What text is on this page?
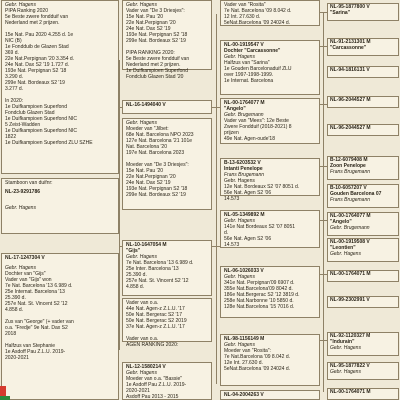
Gebr. Hagens
PIPA Ranking 2020
5e Beste zwere fondduif van
Nederland met 2 prijzen.

15e Nat. Pau 2020 4.255 d. 1e
NIC (B)
1e Fondduib de Glazen Stad
369 d.
22e Nat.Perpignan '20 3.354 d.
24e Nat. Dax S2 '19 1.727 d.
193e Nat. Perpignan S2 '18
3.290 d.
299e Nat. Bordeaux S2 '19
3.277 d.

In 2020:
1e Duifkampioen Superfond
Fondclub Glazen Stad
1e Duifkampioen Superfond NIC
5 Zeist-Wadden
1e Duifkampioen Superfond NIC
1822
1e Duifkampioen Superfond ZLU SZHE
Stamboon van duifnr:
NL-23-9291786
Gebr. Hagens
NL-17-1247304 V
Gebr. Hagens
Dochter van "Gijs"
Vader van "Gijs" won
7e Nat. Barcelona '13 6.989 d.
25e Internat. Barcelona '13
25.390 d.
257e Nat. St. Vincent S2 '12
4.858 d.

Zus van "George" (+ vader van
o.a. "Fredje" 9e Nat. Dax S2
2018

Halfzus van Stephanie
1e Asdoff Pau Z.L.U. 2019-
2020-2021
Gebr. Hagens
Vader van "De 3 Driesjes":
15e Nat. Pau '20
22e Nat.Perpignan '20
24e Nat. Dax S2 '19
193e Nat. Perpignan S2 '18
299e Nat. Bordeaux S2 '19

PIPA RANKING 2020:
5e Beste zwere fondduif van
Nederland met 2 prijzen.
1e Duifkampioen Superfond
Fondclub Glazen Stad '20
NL-16-1494040 V
Gebr. Hagens
Moeder van "Jilbet:
68e Nat. Barcelona NPO 2023
127e Nat. Barcelona '21 101e
Nat. Barcelona '20
197e Nat. Barcelona 2023

Moeder van "De 3 Driesjes":
15e Nat. Pau '20
22e Nat.Perpignan '20
24e Nat. Dax S2 '19
193e Nat. Perpignan S2 '18
299e Nat. Bordeaux S2 '19
NL-10-1647054 M
"Gijs"
Gebr. Hagens
7e Nat. Barcelona '13 6.989 d.
25e Inter. Barcelona '13
25.390 d.
257e Nat. St. Vincent S2 '12
4.858 d.
Vader van o.a.
44e Nat. Agen-z Z.L.U. '17
50e Nat. Bergerac S2 '17
50e Nat. Bergerac S2 2019
37e Nat. Agen-z Z.L.U. '17

Vader van o.a.
AGEN RANKING 2020:
NL-12-1580214 V
Gebr. Hagens
Moeder van o.a. "Bassie"
1e Asdoff Pau Z.L.U. 2019-
2020-2021
Asdoff Pau 2013 - 2015
Vader van "Rosita"
7e Nat. Barcelona '09 8.042 d.
12 Int. 27.630 d.
5eNat.Barcelona '09 24024 d.
NL-00-1919547 V
Dochter "Carcassonne"
Gebr. Hagens
Halfzus van "Sarina"
1e Gouden Barcelonaduif ZLU
over 1997-1998-1999.
1e Internat. Barcelona
NL-00-1764077 M
"Angelo"
Gebr. Brugemann
Vader van "Mees": 12e Beste
Zwere Fondduif (2018-2021) 8
prijzen
49e Nat. Agen-oude'18
B-13-6203532 V
Intanti Penelope
Frans Brugemann
Gebr. Hagens
12e Nat. Bordeaux S2 '07 8051 d.
56e Nat. Agen S2 '06
14.573
NL-05-1349892 M
Gebr. Hagens
141e Nat Bordeaux S2 '07 8051
d.
56e Nat. Agen S2 '06
14.573
NL-06-1026033 V
Gebr. Hagens
341e Nat. Perpignan'09 6907 d.
355e Nat.Barcelona'09 8042 d.
186e Nat.Bergerac S2 '12 3819 d.
258e Nat.Narbonne '10 5850 d.
128e Nat.Barcelona '15 7016 d.
NL-98-1156149 M
Gebr. Hagens
Moeder van "Rosita":
7e Nat.Barcelona '09 8.042 d.
12e Int. 27.630 d.
5eNat.Barcelona '09 24024 d.
NL-04-2004263 V
NL-95-1877800 V
"Sarina"
NL-91-2131301 M
"Carcassonne"
NL-94-1816131 V
NL-96-2044527 M
NL-96-2044527 M
B-12-6079408 M
Zoon Penelope
Frans Brugemann
B-10-6057207 V
Gouden Barcelona 07
Frans Brugemann
NL-00-1764077 M
"Angelo"
Gebr. Brugemann
NL-00-1919508 V
"Leontien"
Gebr. Hagens
NL-00-1764071 M
NL-99-2302991 V
NL-92-1120327 M
"Indurain"
Gebr. Hagens
NL-95-1877822 V
Gebr. Hagens
NL-00-1764071 M
